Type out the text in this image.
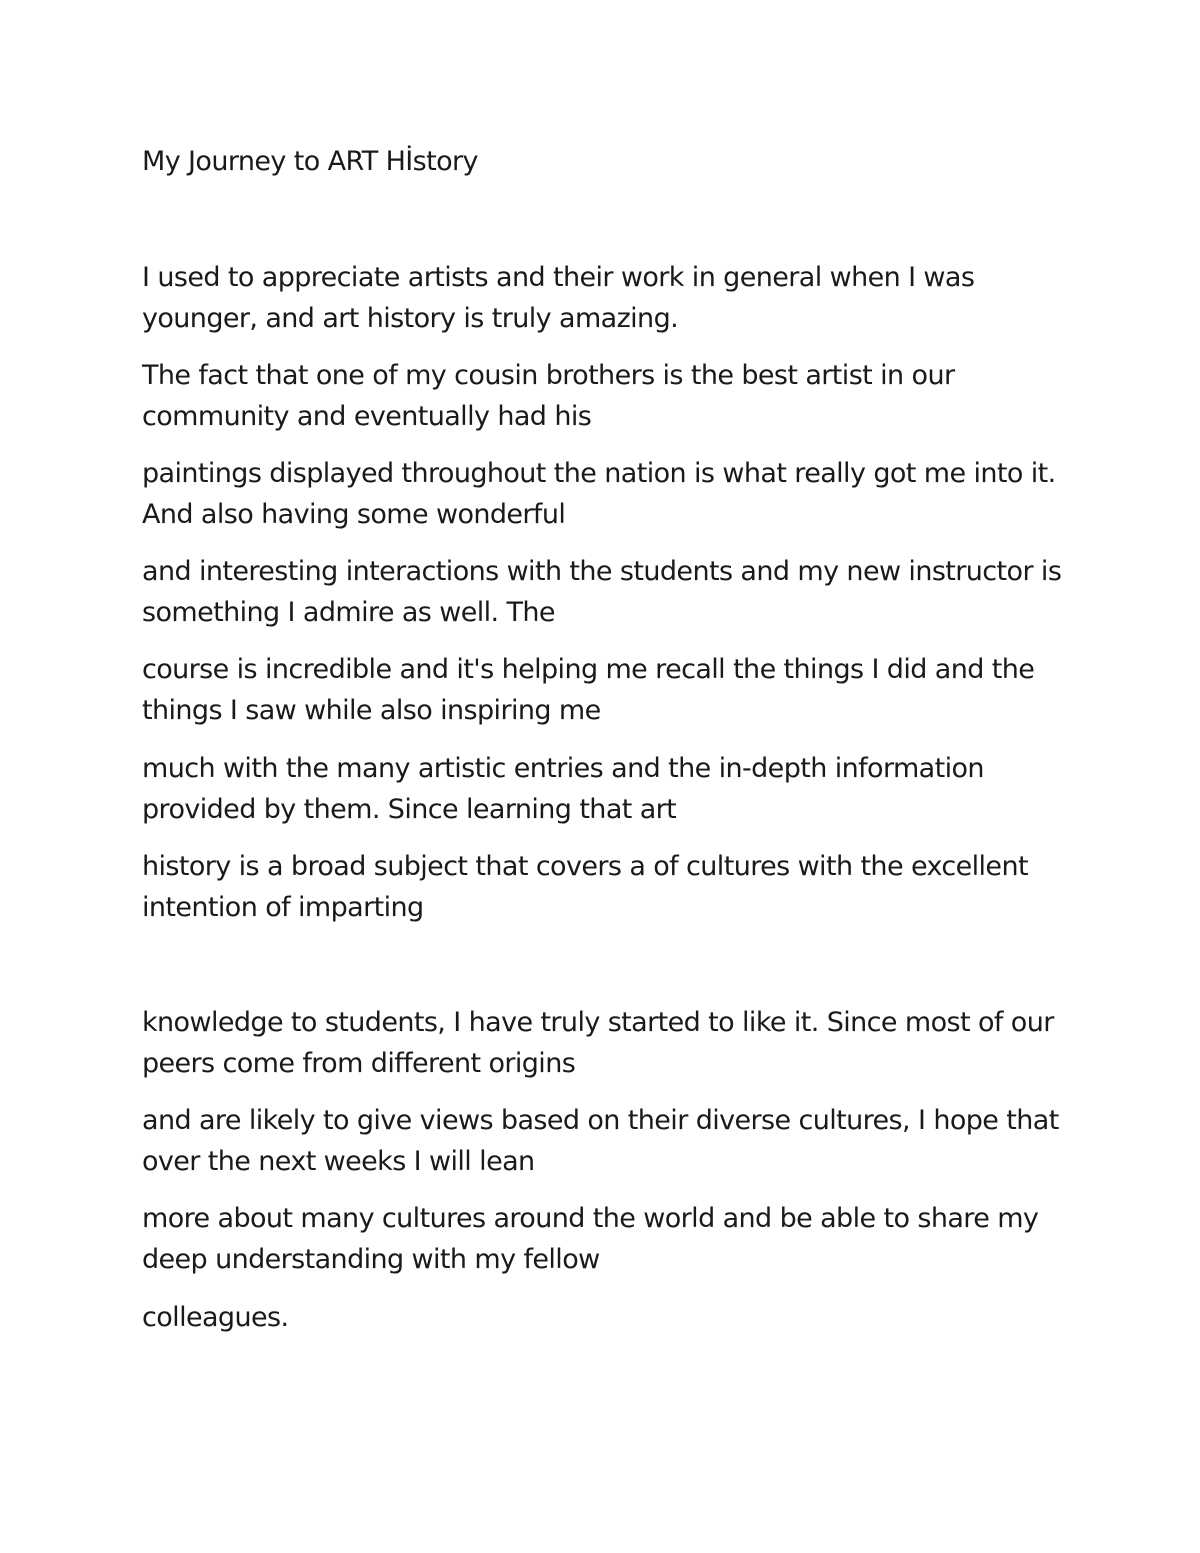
My Journey to ART Hİstory
I used to appreciate artists and their work in general when I was
younger, and art history is truly amazing.
The fact that one of my cousin brothers is the best artist in our
community and eventually had his
paintings displayed throughout the nation is what really got me into it.
And also having some wonderful
and interesting interactions with the students and my new instructor is
something I admire as well. The
course is incredible and it's helping me recall the things I did and the
things I saw while also inspiring me
much with the many artistic entries and the in-depth information
provided by them. Since learning that art
history is a broad subject that covers a of cultures with the excellent
intention of imparting
knowledge to students, I have truly started to like it. Since most of our
peers come from different origins
and are likely to give views based on their diverse cultures, I hope that
over the next weeks I will lean
more about many cultures around the world and be able to share my
deep understanding with my fellow
colleagues.
